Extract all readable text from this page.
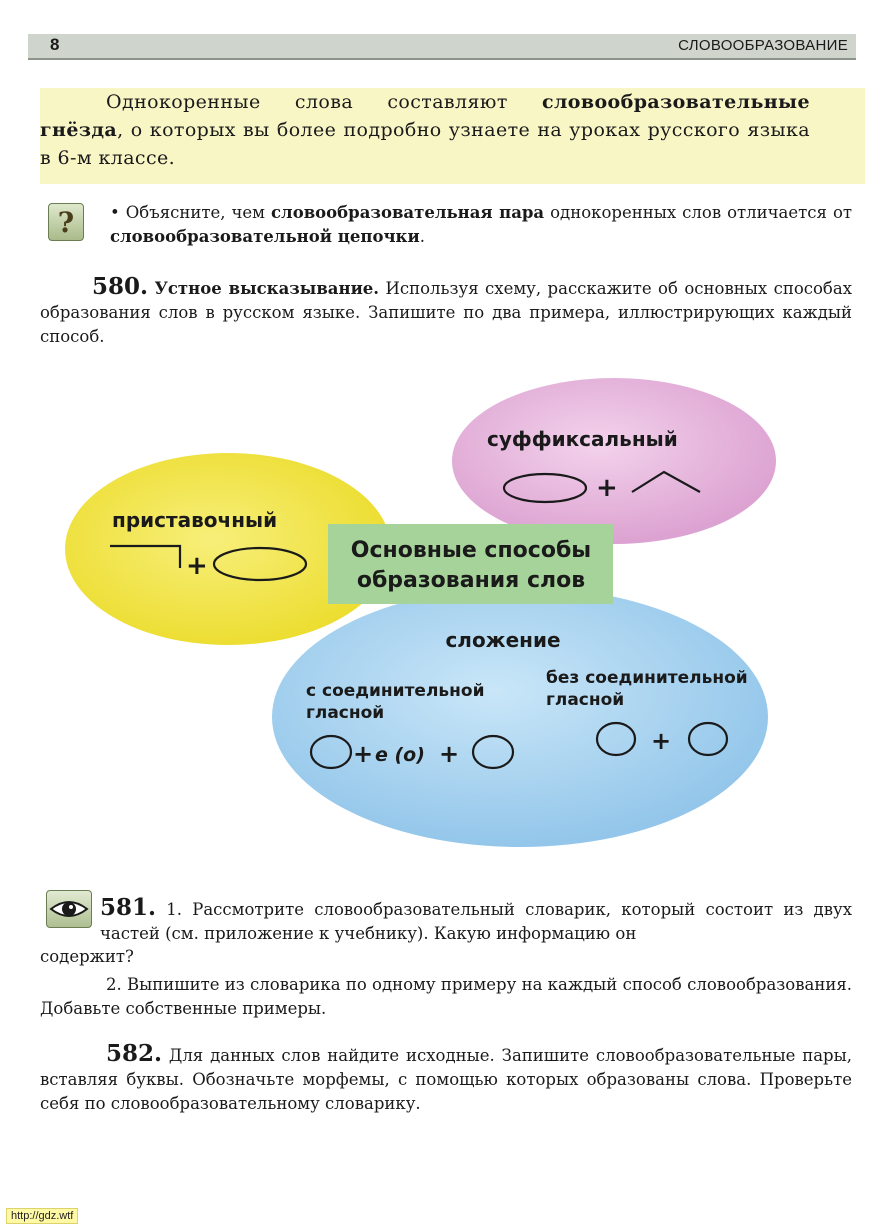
8	СЛОВООБРАЗОВАНИЕ
Однокоренные слова составляют словообразовательные гнёзда, о которых вы более подробно узнаете на уроках русского языка в 6-м классе.
?	• Объясните, чем словообразовательная пара однокоренных слов отличается от словообразовательной цепочки.
580. Устное высказывание. Используя схему, расскажите об основных способах образования слов в русском языке. Запишите по два примера, иллюстрирующих каждый способ.
Основные способы
образования слов
приставочный
+
суффиксальный
+
сложение
с соединительной
гласной
без соединительной
гласной
+ е (о) +	+
581. 1. Рассмотрите словообразовательный словарик, который состоит из двух частей (см. приложение к учебнику). Какую информацию он
содержит?
2. Выпишите из словарика по одному примеру на каждый способ словообразования. Добавьте собственные примеры.
582. Для данных слов найдите исходные. Запишите словообразовательные пары, вставляя буквы. Обозначьте морфемы, с помощью которых образованы слова. Проверьте себя по словообразовательному словарику.
http://gdz.wtf
